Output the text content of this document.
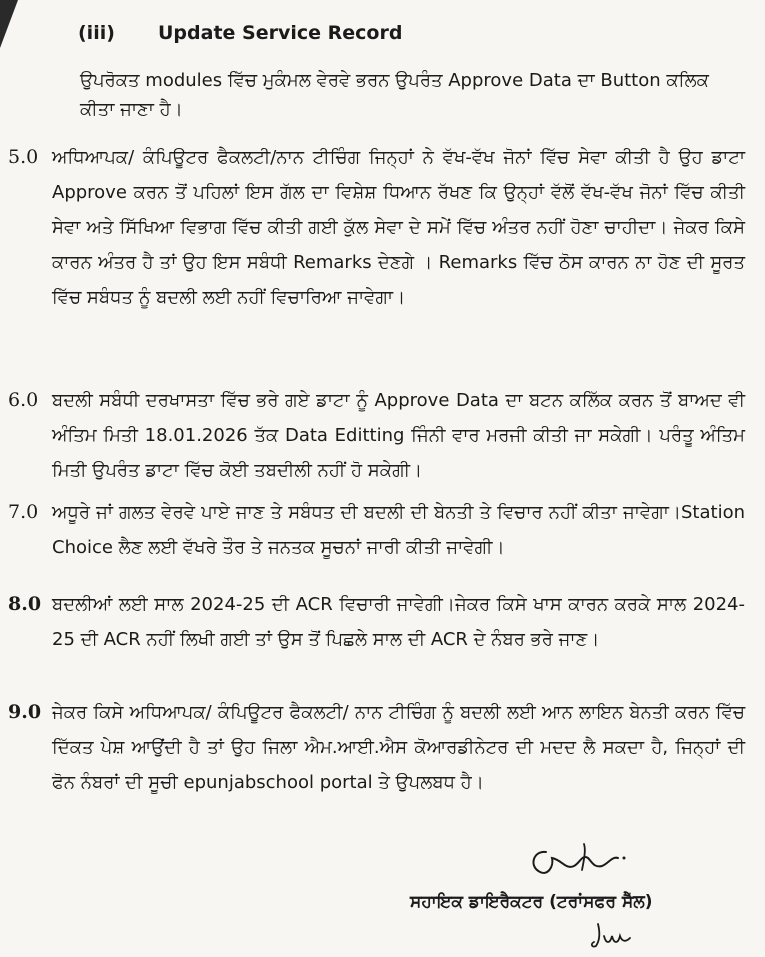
(iii) Update Service Record
ਉਪਰੋਕਤ modules ਵਿੱਚ ਮੁਕੰਮਲ ਵੇਰਵੇ ਭਰਨ ਉਪਰੰਤ Approve Data ਦਾ Button ਕਲਿਕ ਕੀਤਾ ਜਾਣਾ ਹੈ।
5.0 ਅਧਿਆਪਕ/ ਕੰਪਿਊਟਰ ਫੈਕਲਟੀ/ਨਾਨ ਟੀਚਿੰਗ ਜਿਨ੍ਹਾਂ ਨੇ ਵੱਖ-ਵੱਖ ਜੋਨਾਂ ਵਿੱਚ ਸੇਵਾ ਕੀਤੀ ਹੈ ਉਹ ਡਾਟਾ Approve ਕਰਨ ਤੋਂ ਪਹਿਲਾਂ ਇਸ ਗੱਲ ਦਾ ਵਿਸ਼ੇਸ਼ ਧਿਆਨ ਰੱਖਣ ਕਿ ਉਨ੍ਹਾਂ ਵੱਲੋਂ ਵੱਖ-ਵੱਖ ਜੋਨਾਂ ਵਿੱਚ ਕੀਤੀ ਸੇਵਾ ਅਤੇ ਸਿੱਖਿਆ ਵਿਭਾਗ ਵਿੱਚ ਕੀਤੀ ਗਈ ਕੁੱਲ ਸੇਵਾ ਦੇ ਸਮੇਂ ਵਿੱਚ ਅੰਤਰ ਨਹੀਂ ਹੋਣਾ ਚਾਹੀਦਾ। ਜੇਕਰ ਕਿਸੇ ਕਾਰਨ ਅੰਤਰ ਹੈ ਤਾਂ ਉਹ ਇਸ ਸਬੰਧੀ Remarks ਦੇਣਗੇ । Remarks ਵਿੱਚ ਠੋਸ ਕਾਰਨ ਨਾ ਹੋਣ ਦੀ ਸੂਰਤ ਵਿੱਚ ਸਬੰਧਤ ਨੂੰ ਬਦਲੀ ਲਈ ਨਹੀਂ ਵਿਚਾਰਿਆ ਜਾਵੇਗਾ।
6.0 ਬਦਲੀ ਸਬੰਧੀ ਦਰਖਾਸਤਾ ਵਿੱਚ ਭਰੇ ਗਏ ਡਾਟਾ ਨੂੰ Approve Data ਦਾ ਬਟਨ ਕਲਿੱਕ ਕਰਨ ਤੋਂ ਬਾਅਦ ਵੀ ਅੰਤਿਮ ਮਿਤੀ 18.01.2026 ਤੱਕ Data Editting ਜਿੰਨੀ ਵਾਰ ਮਰਜੀ ਕੀਤੀ ਜਾ ਸਕੇਗੀ। ਪਰੰਤੂ ਅੰਤਿਮ ਮਿਤੀ ਉਪਰੰਤ ਡਾਟਾ ਵਿੱਚ ਕੋਈ ਤਬਦੀਲੀ ਨਹੀਂ ਹੋ ਸਕੇਗੀ।
7.0 ਅਧੂਰੇ ਜਾਂ ਗਲਤ ਵੇਰਵੇ ਪਾਏ ਜਾਣ ਤੇ ਸਬੰਧਤ ਦੀ ਬਦਲੀ ਦੀ ਬੇਨਤੀ ਤੇ ਵਿਚਾਰ ਨਹੀਂ ਕੀਤਾ ਜਾਵੇਗਾ।Station Choice ਲੈਣ ਲਈ ਵੱਖਰੇ ਤੌਰ ਤੇ ਜਨਤਕ ਸੂਚਨਾਂ ਜਾਰੀ ਕੀਤੀ ਜਾਵੇਗੀ।
8.0 ਬਦਲੀਆਂ ਲਈ ਸਾਲ 2024-25 ਦੀ ACR ਵਿਚਾਰੀ ਜਾਵੇਗੀ।ਜੇਕਰ ਕਿਸੇ ਖਾਸ ਕਾਰਨ ਕਰਕੇ ਸਾਲ 2024-25 ਦੀ ACR ਨਹੀਂ ਲਿਖੀ ਗਈ ਤਾਂ ਉਸ ਤੋਂ ਪਿਛਲੇ ਸਾਲ ਦੀ ACR ਦੇ ਨੰਬਰ ਭਰੇ ਜਾਣ।
9.0 ਜੇਕਰ ਕਿਸੇ ਅਧਿਆਪਕ/ ਕੰਪਿਊਟਰ ਫੈਕਲਟੀ/ ਨਾਨ ਟੀਚਿੰਗ ਨੂੰ ਬਦਲੀ ਲਈ ਆਨ ਲਾਇਨ ਬੇਨਤੀ ਕਰਨ ਵਿੱਚ ਦਿੱਕਤ ਪੇਸ਼ ਆਉਂਦੀ ਹੈ ਤਾਂ ਉਹ ਜਿਲਾ ਐਮ.ਆਈ.ਐਸ ਕੋਆਰਡੀਨੇਟਰ ਦੀ ਮਦਦ ਲੈ ਸਕਦਾ ਹੈ, ਜਿਨ੍ਹਾਂ ਦੀ ਫੋਨ ਨੰਬਰਾਂ ਦੀ ਸੂਚੀ epunjabschool portal ਤੇ ਉਪਲਬਧ ਹੈ।
ਸਹਾਇਕ ਡਾਇਰੈਕਟਰ (ਟਰਾਂਸਫਰ ਸੈੱਲ)
